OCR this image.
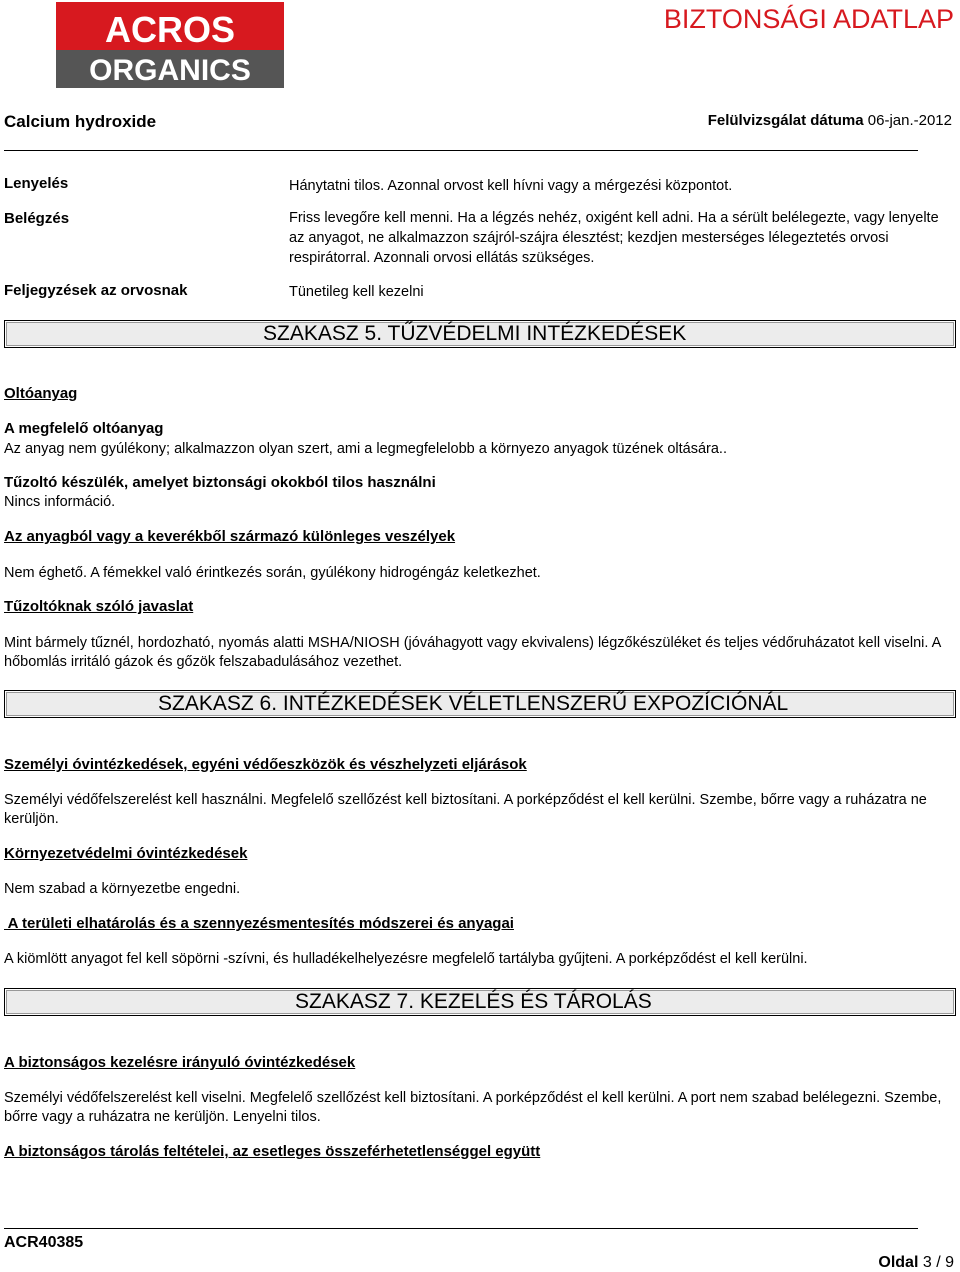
ACROS
ORGANICS
BIZTONSÁGI ADATLAP
Calcium hydroxide	Felülvizsgálat dátuma 06-jan.-2012
Lenyelés	Hánytatni tilos. Azonnal orvost kell hívni vagy a mérgezési központot.
Belégzés	Friss levegőre kell menni. Ha a légzés nehéz, oxigént kell adni. Ha a sérült belélegezte, vagy lenyelte az anyagot, ne alkalmazzon szájról-szájra élesztést; kezdjen mesterséges lélegeztetés orvosi respirátorral. Azonnali orvosi ellátás szükséges.
Feljegyzések az orvosnak	Tünetileg kell kezelni
SZAKASZ 5. TŰZVÉDELMI INTÉZKEDÉSEK
Oltóanyag
A megfelelő oltóanyag
Az anyag nem gyúlékony; alkalmazzon olyan szert, ami a legmegfelelobb a környezo anyagok tüzének oltására..
Tűzoltó készülék, amelyet biztonsági okokból tilos használni
Nincs információ.
Az anyagból vagy a keverékből származó különleges veszélyek
Nem éghető. A fémekkel való érintkezés során, gyúlékony hidrogéngáz keletkezhet.
Tűzoltóknak szóló javaslat
Mint bármely tűznél, hordozható, nyomás alatti MSHA/NIOSH (jóváhagyott vagy ekvivalens) légzőkészüléket és teljes védőruházatot kell viselni. A hőbomlás irritáló gázok és gőzök felszabadulásához vezethet.
SZAKASZ 6. INTÉZKEDÉSEK VÉLETLENSZERŰ EXPOZÍCIÓNÁL
Személyi óvintézkedések, egyéni védőeszközök és vészhelyzeti eljárások
Személyi védőfelszerelést kell használni. Megfelelő szellőzést kell biztosítani. A porképződést el kell kerülni. Szembe, bőrre vagy a ruházatra ne kerüljön.
Környezetvédelmi óvintézkedések
Nem szabad a környezetbe engedni.
A területi elhatárolás és a szennyezésmentesítés módszerei és anyagai
A kiömlött anyagot fel kell söpörni -szívni, és hulladékelhelyezésre megfelelő tartályba gyűjteni. A porképződést el kell kerülni.
SZAKASZ 7. KEZELÉS ÉS TÁROLÁS
A biztonságos kezelésre irányuló óvintézkedések
Személyi védőfelszerelést kell viselni. Megfelelő szellőzést kell biztosítani. A porképződést el kell kerülni. A port nem szabad belélegezni. Szembe, bőrre vagy a ruházatra ne kerüljön. Lenyelni tilos.
A biztonságos tárolás feltételei, az esetleges összeférhetetlenséggel együtt
ACR40385
Oldal 3 / 9
